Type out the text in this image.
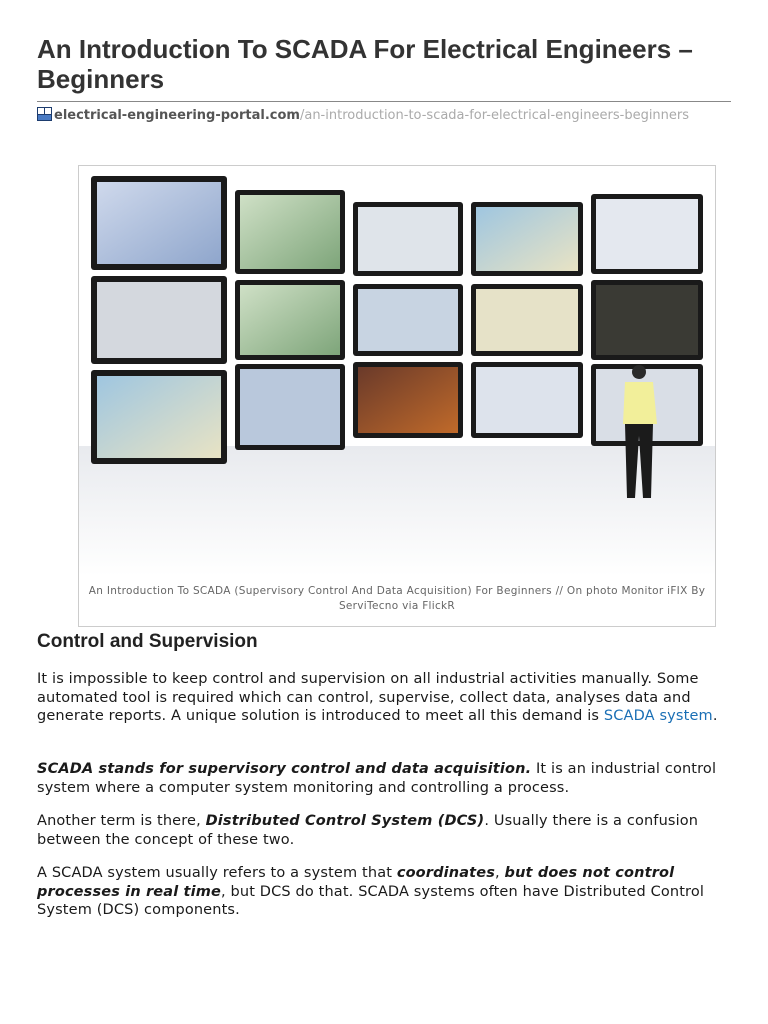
An Introduction To SCADA For Electrical Engineers – Beginners
electrical-engineering-portal.com/an-introduction-to-scada-for-electrical-engineers-beginners
An Introduction To SCADA (Supervisory Control And Data Acquisition) For Beginners // On photo Monitor iFIX By ServiTecno via FlickR
Control and Supervision

It is impossible to keep control and supervision on all industrial activities manually. Some automated tool is required which can control, supervise, collect data, analyses data and generate reports. A unique solution is introduced to meet all this demand is SCADA system.

SCADA stands for supervisory control and data acquisition. It is an industrial control system where a computer system monitoring and controlling a process.

Another term is there, Distributed Control System (DCS). Usually there is a confusion between the concept of these two.

A SCADA system usually refers to a system that coordinates, but does not control processes in real time, but DCS do that. SCADA systems often have Distributed Control System (DCS) components.
